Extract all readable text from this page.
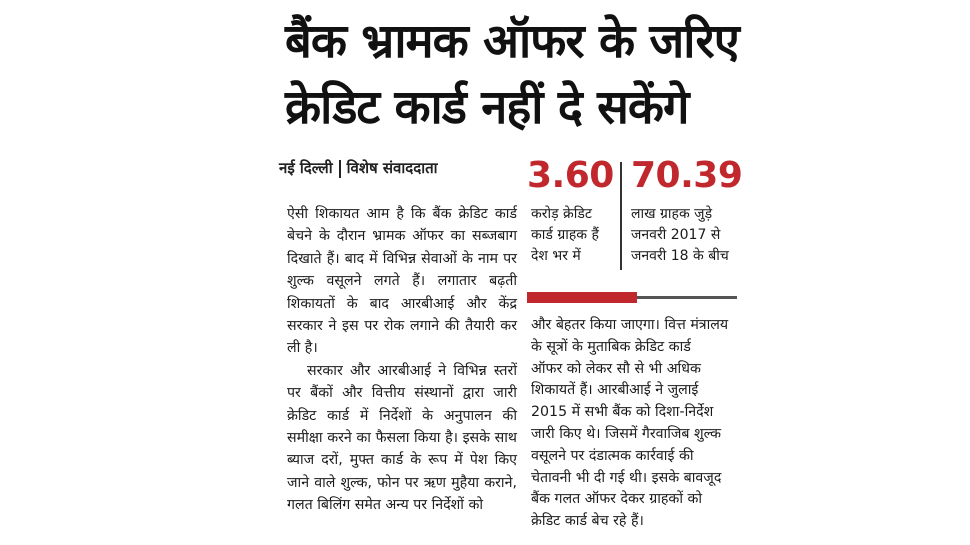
बैंक भ्रामक ऑफर के जरिए
क्रेडिट कार्ड नहीं दे सकेंगे
नई दिल्ली विशेष संवाददाता

ऐसी शिकायत आम है कि बैंक क्रेडिट कार्ड बेचने के दौरान भ्रामक ऑफर का सब्जबाग दिखाते हैं। बाद में विभिन्न सेवाओं के नाम पर शुल्क वसूलने लगते हैं। लगातार बढ़ती शिकायतों के बाद आरबीआई और केंद्र सरकार ने इस पर रोक लगाने की तैयारी कर ली है।

सरकार और आरबीआई ने विभिन्न स्तरों पर बैंकों और वित्तीय संस्थानों द्वारा जारी क्रेडिट कार्ड में निर्देशों के अनुपालन की समीक्षा करने का फैसला किया है। इसके साथ ब्याज दरों, मुफ्त कार्ड के रूप में पेश किए जाने वाले शुल्क, फोन पर ऋण मुहैया कराने, गलत बिलिंग समेत अन्य पर निर्देशों को

3.60
करोड़ क्रेडिट
कार्ड ग्राहक हैं
देश भर में
70.39
लाख ग्राहक जुड़े
जनवरी 2017 से
जनवरी 18 के बीच
और बेहतर किया जाएगा। वित्त मंत्रालय
के सूत्रों के मुताबिक क्रेडिट कार्ड
ऑफर को लेकर सौ से भी अधिक
शिकायतें हैं। आरबीआई ने जुलाई
2015 में सभी बैंक को दिशा-निर्देश
जारी किए थे। जिसमें गैरवाजिब शुल्क
वसूलने पर दंडात्मक कार्रवाई की
चेतावनी भी दी गई थी। इसके बावजूद
बैंक गलत ऑफर देकर ग्राहकों को
क्रेडिट कार्ड बेच रहे हैं।
